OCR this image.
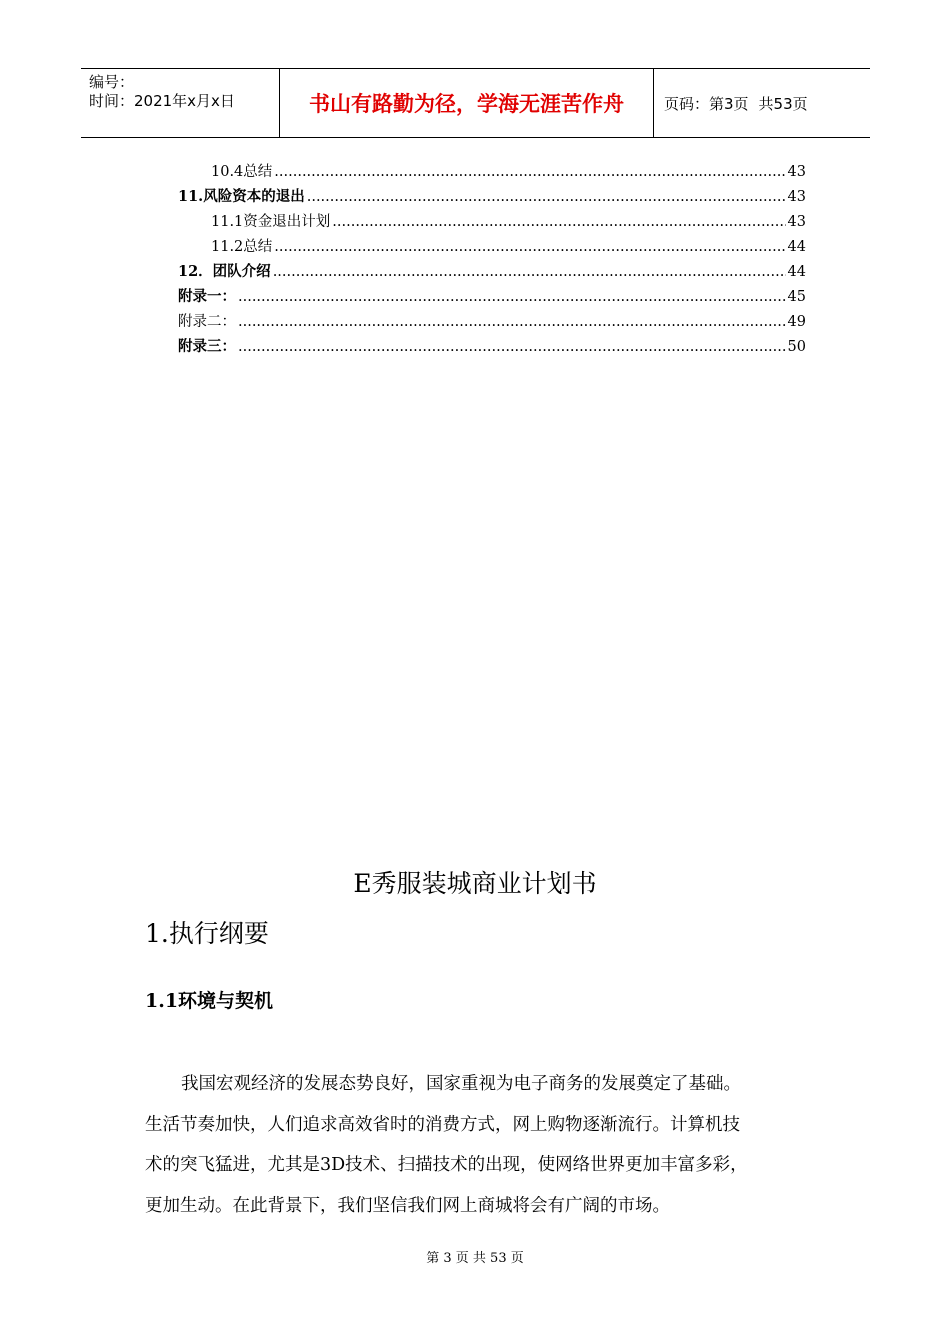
编号：
时间：2021年x月x日	书山有路勤为径，学海无涯苦作舟	页码：第3页 共53页
10.4总结 .....	43
11.风险资本的退出 .....	43
11.1资金退出计划 .....	43
11.2总结 .....	44
12．团队介绍 .....	44
附录一： .....	45
附录二： .....	49
附录三： .....	50
E秀服装城商业计划书
1.执行纲要
1.1环境与契机
我国宏观经济的发展态势良好，国家重视为电子商务的发展奠定了基础。
生活节奏加快，人们追求高效省时的消费方式，网上购物逐渐流行。计算机技
术的突飞猛进，尤其是3D技术、扫描技术的出现，使网络世界更加丰富多彩，
更加生动。在此背景下，我们坚信我们网上商城将会有广阔的市场。
第 3 页 共 53 页
